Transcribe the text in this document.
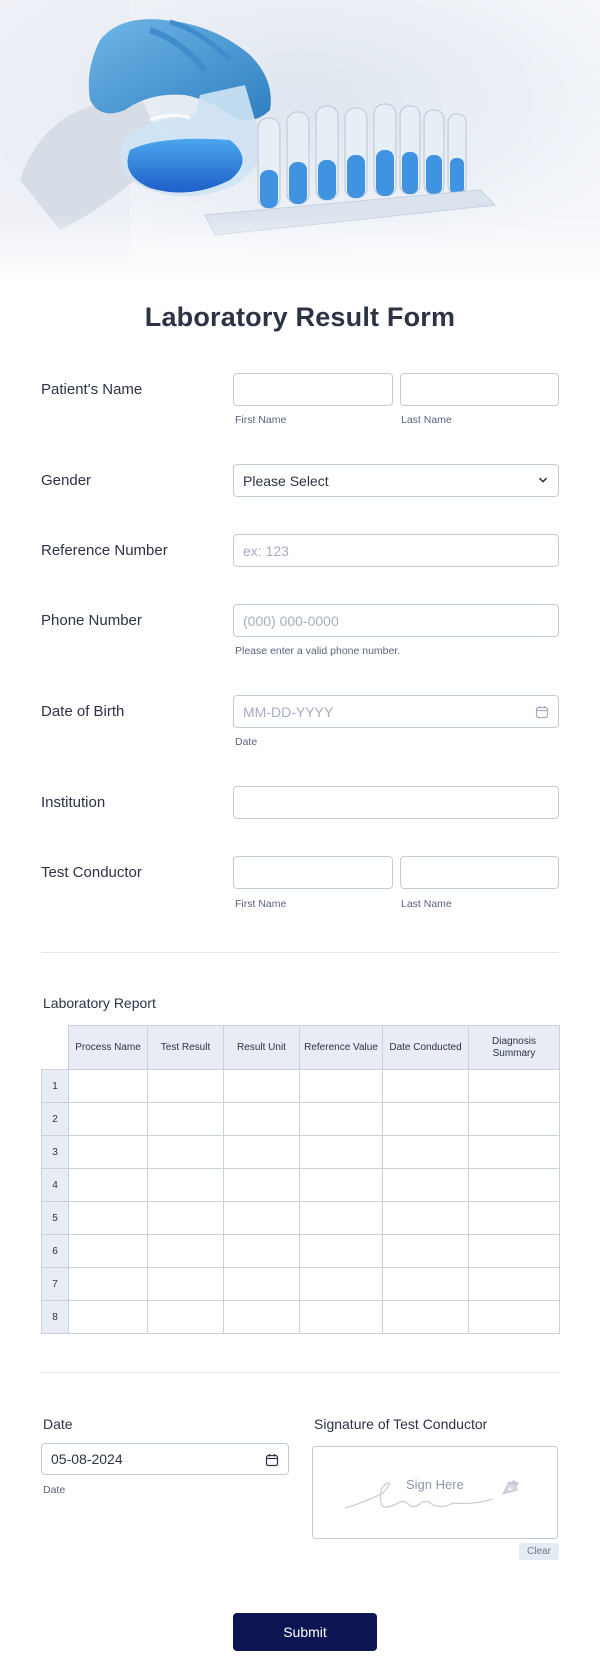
Laboratory Result Form
Patient's Name
First Name	Last Name
Gender	Please Select
Reference Number	ex: 123
Phone Number	(000) 000-0000
Please enter a valid phone number.
Date of Birth	MM-DD-YYYY
Date
Institution
Test Conductor
First Name	Last Name
Laboratory Report
	Process Name	Test Result	Result Unit	Reference Value	Date Conducted	Diagnosis Summary
1						
2						
3						
4						
5						
6						
7						
8						
Date
05-08-2024
Date
Signature of Test Conductor
Sign Here
Clear
Submit
